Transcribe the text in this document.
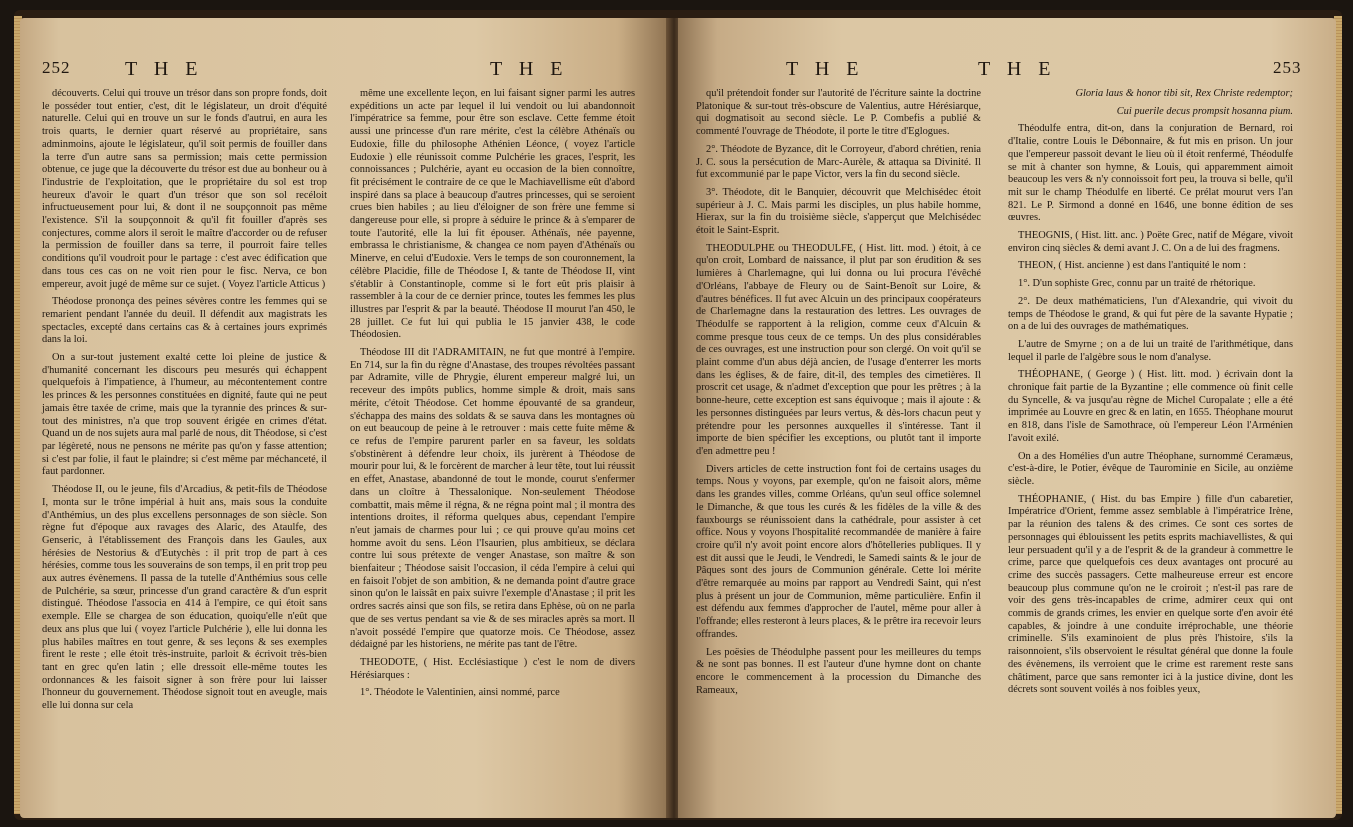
252	T H E	T H E

découverts. Celui qui trouve un trésor dans son propre fonds, doit le posséder tout entier, c'est, dit le législateur, un droit d'équité naturelle. Celui qui en trouve un sur le fonds d'autrui, en aura les trois quarts, le dernier quart réservé au propriétaire, sans adminmoins, ajoute le législateur, qu'il soit permis de fouiller dans la terre d'un autre sans sa permission; mais cette permission obtenue, ce juge que la découverte du trésor est due au bonheur ou à l'industrie de l'exploitation, que le propriétaire du sol est trop heureux d'avoir le quart d'un trésor que son sol recéloit infructueusement pour lui, & dont il ne soupçonnoit pas même l'existence. S'il la soupçonnoit & qu'il fit fouiller d'après ses conjectures, comme alors il seroit le maître d'accorder ou de refuser la permission de fouiller dans sa terre, il pourroit faire telles conditions qu'il voudroit pour le partage : c'est avec édification que dans tous ces cas on ne voit rien pour le fisc. Nerva, ce bon empereur, avoit jugé de même sur ce sujet. ( Voyez l'article Atticus )

Théodose prononça des peines sévères contre les femmes qui se remarient pendant l'année du deuil. Il défendit aux magistrats les spectacles, excepté dans certains cas & à certaines jours exprimés dans la loi.

On a sur-tout justement exalté cette loi pleine de justice & d'humanité concernant les discours peu mesurés qui échappent quelquefois à l'impatience, à l'humeur, au mécontentement contre les princes & les personnes constituées en dignité, faute qui ne peut jamais être taxée de crime, mais que la tyrannie des princes & sur-tout des ministres, n'a que trop souvent érigée en crimes d'état. Quand un de nos sujets aura mal parlé de nous, dit Théodose, si c'est par légèreté, nous ne pensons ne mérite pas qu'on y fasse attention; si c'est par folie, il faut le plaindre; si c'est même par méchanceté, il faut pardonner.

Théodose II, ou le jeune, fils d'Arcadius, & petit-fils de Théodose I, monta sur le trône impérial à huit ans, mais sous la conduite d'Anthémius, un des plus excellens personnages de son siècle. Son règne fut d'époque aux ravages des Alaric, des Ataulfe, des Genseric, à l'établissement des François dans les Gaules, aux hérésies de Nestorius & d'Eutychès : il prit trop de part à ces hérésies, comme tous les souverains de son temps, il en prit trop peu aux autres évènemens. Il passa de la tutelle d'Anthémius sous celle de Pulchérie, sa sœur, princesse d'un grand caractère & d'un esprit distingué. Théodose l'associa en 414 à l'empire, ce qui étoit sans exemple. Elle se chargea de son éducation, quoiqu'elle n'eût que deux ans plus que lui ( voyez l'article Pulchérie ), elle lui donna les plus habiles maîtres en tout genre, & ses leçons & ses exemples firent le reste ; elle étoit très-instruite, parloit & écrivoit très-bien tant en grec qu'en latin ; elle dressoit elle-même toutes les ordonnances & les faisoit signer à son frère pour lui laisser l'honneur du gouvernement. Théodose signoit tout en aveugle, mais elle lui donna sur cela

même une excellente leçon, en lui faisant signer parmi les autres expéditions un acte par lequel il lui vendoit ou lui abandonnoit l'impératrice sa femme, pour être son esclave. Cette femme étoit aussi une princesse d'un rare mérite, c'est la célèbre Athénaïs ou Eudoxie, fille du philosophe Athénien Léonce, ( voyez l'article Eudoxie ) elle réunissoit comme Pulchérie les graces, l'esprit, les connoissances ; Pulchérie, ayant eu occasion de la bien connoître, fit précisément le contraire de ce que le Machiavellisme eût d'abord inspiré dans sa place à beaucoup d'autres princesses, qui se seroient crues bien habiles ; au lieu d'éloigner de son frère une femme si dangereuse pour elle, si propre à séduire le prince & à s'emparer de toute l'autorité, elle la lui fit épouser. Athénaïs, née payenne, embrassa le christianisme, & changea ce nom payen d'Athénaïs ou Minerve, en celui d'Eudoxie. Vers le temps de son couronnement, la célèbre Placidie, fille de Théodose I, & tante de Théodose II, vint s'établir à Constantinople, comme si le fort eût pris plaisir à rassembler à la cour de ce dernier prince, toutes les femmes les plus illustres par l'esprit & par la beauté. Théodose II mourut l'an 450, le 28 juillet. Ce fut lui qui publia le 15 janvier 438, le code Théodosien.

Théodose III dit l'ADRAMITAIN, ne fut que montré à l'empire. En 714, sur la fin du règne d'Anastase, des troupes révoltées passant par Adramite, ville de Phrygie, élurent empereur malgré lui, un receveur des impôts publics, homme simple & droit, mais sans mérite, c'étoit Théodose. Cet homme épouvanté de sa grandeur, s'échappa des mains des soldats & se sauva dans les montagnes où on eut beaucoup de peine à le retrouver : mais cette fuite même & ce refus de l'empire parurent parler en sa faveur, les soldats s'obstinèrent à défendre leur choix, ils jurèrent à Théodose de mourir pour lui, & le forcèrent de marcher à leur tête, tout lui réussit en effet, Anastase, abandonné de tout le monde, courut s'enfermer dans un cloître à Thessalonique. Non-seulement Théodose combattit, mais même il régna, & ne régna point mal ; il montra des intentions droites, il réforma quelques abus, cependant l'empire n'eut jamais de charmes pour lui ; ce qui prouve qu'au moins cet homme avoit du sens. Léon l'Isaurien, plus ambitieux, se déclara contre lui sous prétexte de venger Anastase, son maître & son bienfaiteur ; Théodose saisit l'occasion, il céda l'empire à celui qui en faisoit l'objet de son ambition, & ne demanda point d'autre grace sinon qu'on le laissât en paix suivre l'exemple d'Anastase ; il prit les ordres sacrés ainsi que son fils, se retira dans Ephèse, où on ne parla que de ses vertus pendant sa vie & de ses miracles après sa mort. Il n'avoit possédé l'empire que quatorze mois. Ce Théodose, assez dédaigné par les historiens, ne mérite pas tant de l'être.

THEODOTE, ( Hist. Ecclésiastique ) c'est le nom de divers Hérésiarques :

1°. Théodote le Valentinien, ainsi nommé, parce

T H E	T H E	253

qu'il prétendoit fonder sur l'autorité de l'écriture sainte la doctrine Platonique & sur-tout très-obscure de Valentius, autre Hérésiarque, qui dogmatisoit au second siècle. Le P. Combefis a publié & commenté l'ouvrage de Théodote, il porte le titre d'Eglogues.

2°. Théodote de Byzance, dit le Corroyeur, d'abord chrétien, renia J. C. sous la persécution de Marc-Aurèle, & attaqua sa Divinité. Il fut excommunié par le pape Victor, vers la fin du second siècle.

3°. Théodote, dit le Banquier, découvrit que Melchisédec étoit supérieur à J. C. Mais parmi les disciples, un plus habile homme, Hierax, sur la fin du troisième siècle, s'apperçut que Melchisédec étoit le Saint-Esprit.

THEODULPHE ou THEODULFE, ( Hist. litt. mod. ) étoit, à ce qu'on croit, Lombard de naissance, il plut par son érudition & ses lumières à Charlemagne, qui lui donna ou lui procura l'évêché d'Orléans, l'abbaye de Fleury ou de Saint-Benoît sur Loire, & d'autres bénéfices. Il fut avec Alcuin un des principaux coopérateurs de Charlemagne dans la restauration des lettres. Les ouvrages de Théodulfe se rapportent à la religion, comme ceux d'Alcuin & comme presque tous ceux de ce temps. Un des plus considérables de ces ouvrages, est une instruction pour son clergé. On voit qu'il se plaint comme d'un abus déjà ancien, de l'usage d'enterrer les morts dans les églises, & de faire, dit-il, des temples des cimetières. Il proscrit cet usage, & n'admet d'exception que pour les prêtres ; à la bonne-heure, cette exception est sans équivoque ; mais il ajoute : & les personnes distinguées par leurs vertus, & dès-lors chacun peut y prétendre pour les personnes auxquelles il s'intéresse. Tant il importe de bien spécifier les exceptions, ou plutôt tant il importe d'en admettre peu !

Divers articles de cette instruction font foi de certains usages du temps. Nous y voyons, par exemple, qu'on ne faisoit alors, même dans les grandes villes, comme Orléans, qu'un seul office solemnel le Dimanche, & que tous les curés & les fidèles de la ville & des fauxbourgs se réunissoient dans la cathédrale, pour assister à cet office. Nous y voyons l'hospitalité recommandée de manière à faire croire qu'il n'y avoit point encore alors d'hôtelleries publiques. Il y est dit aussi que le Jeudi, le Vendredi, le Samedi saints & le jour de Pâques sont des jours de Communion générale. Cette loi mérite d'être remarquée au moins par rapport au Vendredi Saint, qui n'est plus à présent un jour de Communion, même particulière. Enfin il est défendu aux femmes d'approcher de l'autel, même pour aller à l'offrande; elles resteront à leurs places, & le prêtre ira recevoir leurs offrandes.

Les poësies de Théodulphe passent pour les meilleures du temps & ne sont pas bonnes. Il est l'auteur d'une hymne dont on chante encore le commencement à la procession du Dimanche des Rameaux,

Gloria laus & honor tibi sit, Rex Christe redemptor;

Cui puerile decus prompsit hosanna pium.

Théodulfe entra, dit-on, dans la conjuration de Bernard, roi d'Italie, contre Louis le Débonnaire, & fut mis en prison. Un jour que l'empereur passoit devant le lieu où il étoit renfermé, Théodulfe se mit à chanter son hymne, & Louis, qui apparemment aimoit beaucoup les vers & n'y connoissoit fort peu, la trouva si belle, qu'il mit sur le champ Théodulfe en liberté. Ce prélat mourut vers l'an 821. Le P. Sirmond a donné en 1646, une bonne édition de ses œuvres.

THEOGNIS, ( Hist. litt. anc. ) Poëte Grec, natif de Mégare, vivoit environ cinq siècles & demi avant J. C. On a de lui des fragmens.

THEON, ( Hist. ancienne ) est dans l'antiquité le nom :

1°. D'un sophiste Grec, connu par un traité de rhétorique.

2°. De deux mathématiciens, l'un d'Alexandrie, qui vivoit du temps de Théodose le grand, & qui fut père de la savante Hypatie ; on a de lui des ouvrages de mathématiques.

L'autre de Smyrne ; on a de lui un traité de l'arithmétique, dans lequel il parle de l'algèbre sous le nom d'analyse.

THÉOPHANE, ( George ) ( Hist. litt. mod. ) écrivain dont la chronique fait partie de la Byzantine ; elle commence où finit celle du Syncelle, & va jusqu'au règne de Michel Curopalate ; elle a été imprimée au Louvre en grec & en latin, en 1655. Théophane mourut en 818, dans l'isle de Samothrace, où l'empereur Léon l'Arménien l'avoit exilé.

On a des Homélies d'un autre Théophane, surnommé Ceramæus, c'est-à-dire, le Potier, évêque de Taurominie en Sicile, au onzième siècle.

THÉOPHANIE, ( Hist. du bas Empire ) fille d'un cabaretier, Impératrice d'Orient, femme assez semblable à l'impératrice Irène, par la réunion des talens & des crimes. Ce sont ces sortes de personnages qui éblouissent les petits esprits machiavellistes, & qui leur persuadent qu'il y a de l'esprit & de la grandeur à commettre le crime, parce que quelquefois ces deux avantages ont procuré au crime des succès passagers. Cette malheureuse erreur est encore beaucoup plus commune qu'on ne le croiroit ; n'est-il pas rare de voir des gens très-incapables de crime, admirer ceux qui ont commis de grands crimes, les envier en quelque sorte d'en avoir été capables, & joindre à une conduite irréprochable, une théorie criminelle. S'ils examinoient de plus près l'histoire, s'ils la raisonnoient, s'ils observoient le résultat général que donne la foule des évènemens, ils verroient que le crime est rarement reste sans châtiment, parce que sans remonter ici à la justice divine, dont les décrets sont souvent voilés à nos foibles yeux,
